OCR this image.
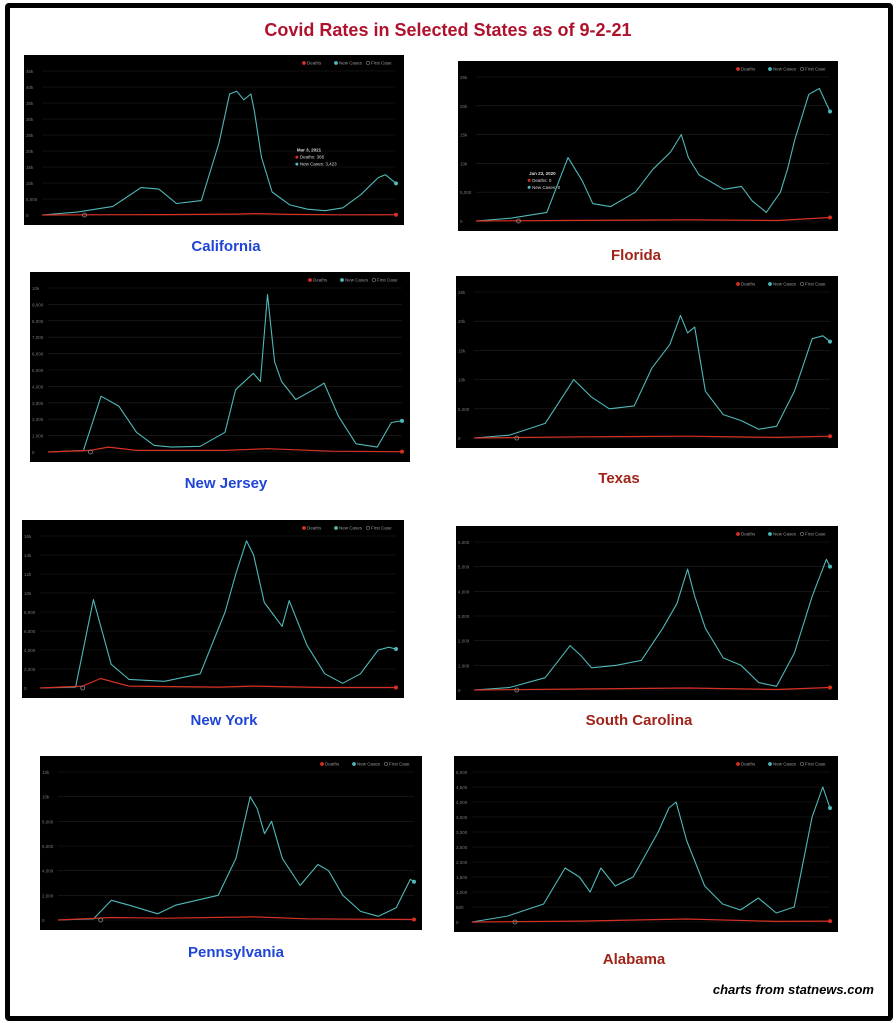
Covid Rates in Selected States as of 9-2-21
0
5,000
10k
15k
20k
25k
30k
35k
40k
45k
Deaths	New Cases First Case
Mar 3, 2021
Deaths: 366
New Cases: 3,423
California
0
5,000
10k
15k
20k
25k
Deaths	New Cases First Case
Jan 23, 2020
Deaths: 0
New Cases: 0
Florida
0
1,000
2,000
3,000
4,000
5,000
6,000
7,000
8,000
9,000
10k
Deaths	New Cases First Case
New Jersey
0
5,000
10k
15k
20k
25k
Deaths	New Cases First Case
Texas
0
2,000
4,000
6,000
8,000
10k
12k
14k
16k
Deaths	New Cases First Case
New York
0
1,000
2,000
3,000
4,000
5,000
6,000
Deaths	New Cases First Case
South Carolina
0
2,000
4,000
6,000
8,000
10k
12k
Deaths	New Cases First Case
Pennsylvania
0
500
1,000
1,500
2,000
2,500
3,000
3,500
4,000
4,500
5,000
Deaths	New Cases First Case
Alabama
charts from statnews.com
